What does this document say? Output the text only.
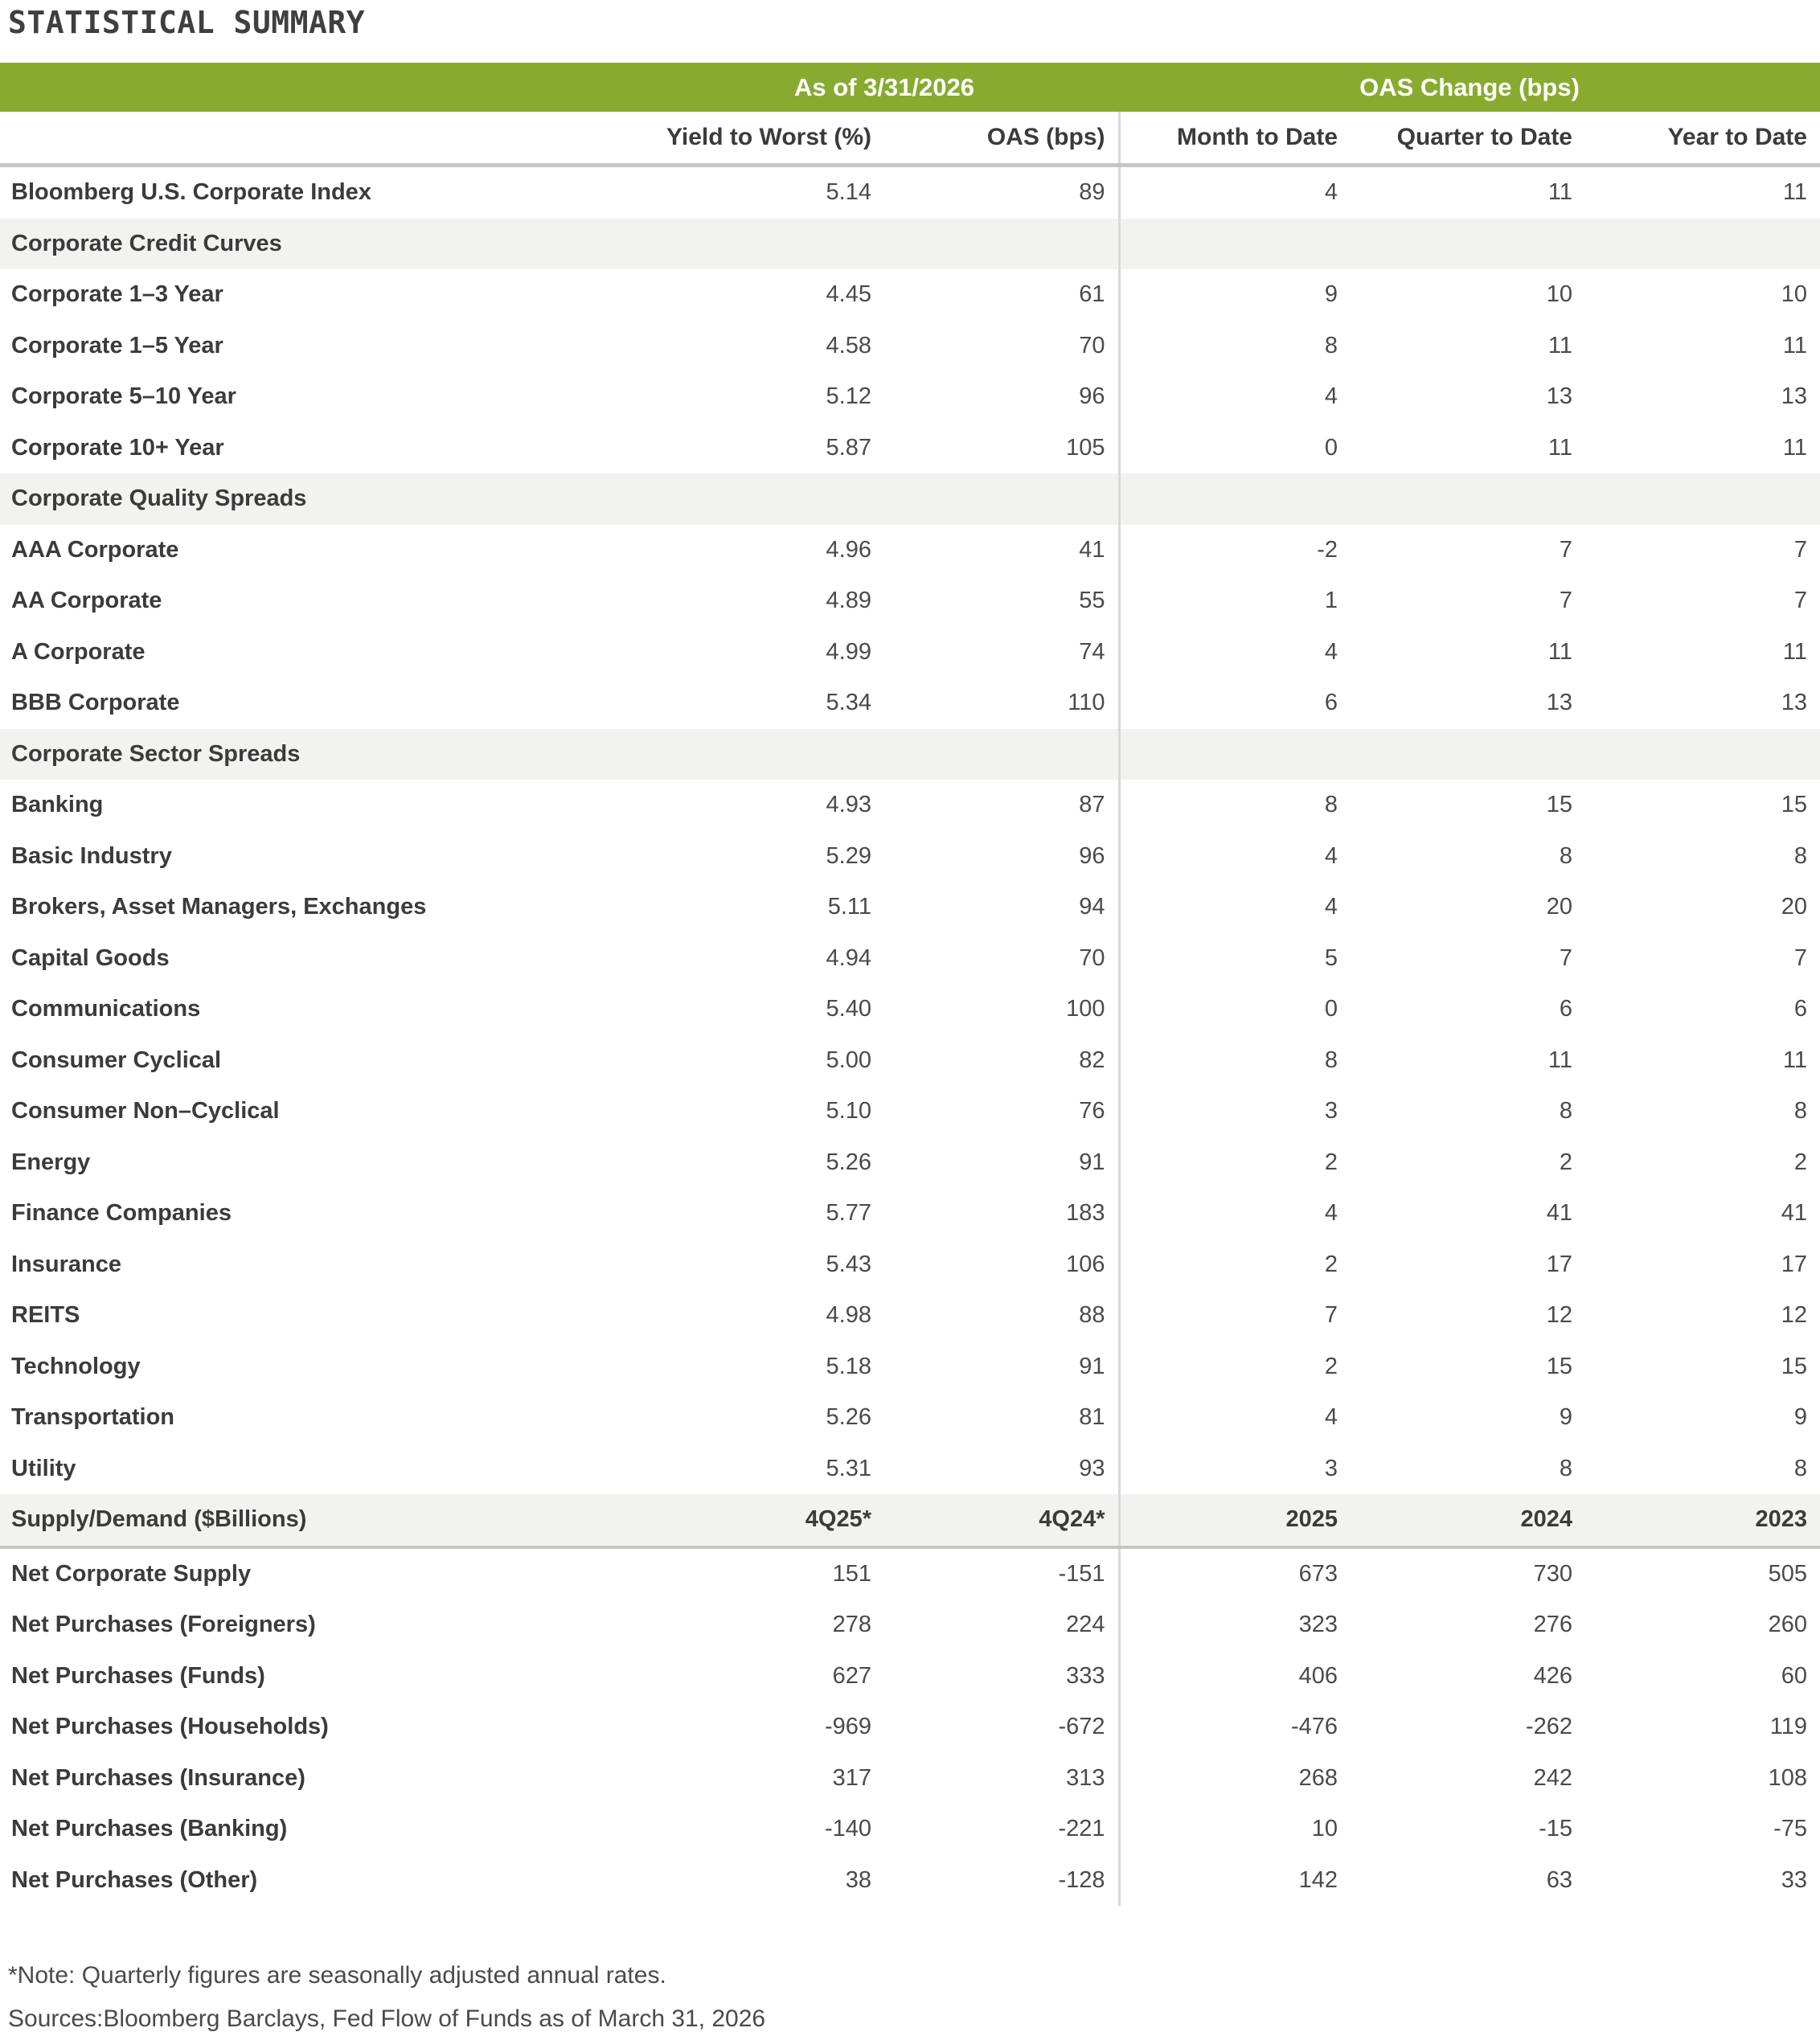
STATISTICAL SUMMARY
As of 3/31/2026	OAS Change (bps)
	Yield to Worst (%)	OAS (bps)	Month to Date	Quarter to Date	Year to Date
Bloomberg U.S. Corporate Index	5.14	89	4	11	11
Corporate Credit Curves					
Corporate 1–3 Year	4.45	61	9	10	10
Corporate 1–5 Year	4.58	70	8	11	11
Corporate 5–10 Year	5.12	96	4	13	13
Corporate 10+ Year	5.87	105	0	11	11
Corporate Quality Spreads					
AAA Corporate	4.96	41	-2	7	7
AA Corporate	4.89	55	1	7	7
A Corporate	4.99	74	4	11	11
BBB Corporate	5.34	110	6	13	13
Corporate Sector Spreads					
Banking	4.93	87	8	15	15
Basic Industry	5.29	96	4	8	8
Brokers, Asset Managers, Exchanges	5.11	94	4	20	20
Capital Goods	4.94	70	5	7	7
Communications	5.40	100	0	6	6
Consumer Cyclical	5.00	82	8	11	11
Consumer Non–Cyclical	5.10	76	3	8	8
Energy	5.26	91	2	2	2
Finance Companies	5.77	183	4	41	41
Insurance	5.43	106	2	17	17
REITS	4.98	88	7	12	12
Technology	5.18	91	2	15	15
Transportation	5.26	81	4	9	9
Utility	5.31	93	3	8	8
Supply/Demand ($Billions)	4Q25*	4Q24*	2025	2024	2023
Net Corporate Supply	151	-151	673	730	505
Net Purchases (Foreigners)	278	224	323	276	260
Net Purchases (Funds)	627	333	406	426	60
Net Purchases (Households)	-969	-672	-476	-262	119
Net Purchases (Insurance)	317	313	268	242	108
Net Purchases (Banking)	-140	-221	10	-15	-75
Net Purchases (Other)	38	-128	142	63	33

*Note: Quarterly figures are seasonally adjusted annual rates.

Sources:Bloomberg Barclays, Fed Flow of Funds as of March 31, 2026
